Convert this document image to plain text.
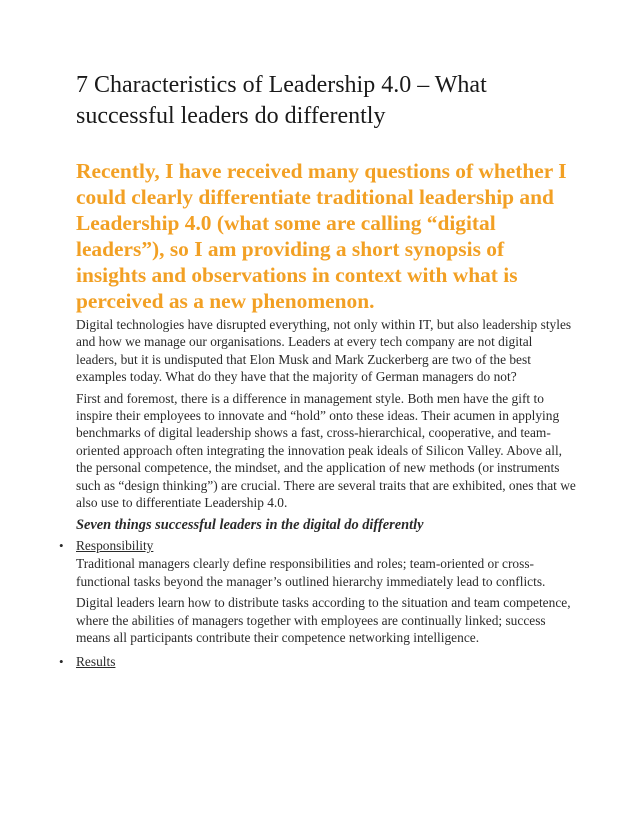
7 Characteristics of Leadership 4.0 – What successful leaders do differently

Recently, I have received many questions of whether I could clearly differentiate traditional leadership and Leadership 4.0 (what some are calling “digital leaders”), so I am providing a short synopsis of insights and observations in context with what is perceived as a new phenomenon.

Digital technologies have disrupted everything, not only within IT, but also leadership styles and how we manage our organisations. Leaders at every tech company are not digital leaders, but it is undisputed that Elon Musk and Mark Zuckerberg are two of the best examples today. What do they have that the majority of German managers do not?

First and foremost, there is a difference in management style. Both men have the gift to inspire their employees to innovate and “hold” onto these ideas. Their acumen in applying benchmarks of digital leadership shows a fast, cross-hierarchical, cooperative, and team-oriented approach often integrating the innovation peak ideals of Silicon Valley. Above all, the personal competence, the mindset, and the application of new methods (or instruments such as “design thinking”) are crucial. There are several traits that are exhibited, ones that we also use to differentiate Leadership 4.0.

Seven things successful leaders in the digital do differently

• Responsibility

Traditional managers clearly define responsibilities and roles; team-oriented or cross-functional tasks beyond the manager’s outlined hierarchy immediately lead to conflicts.

Digital leaders learn how to distribute tasks according to the situation and team competence, where the abilities of managers together with employees are continually linked; success means all participants contribute their competence networking intelligence.

• Results
